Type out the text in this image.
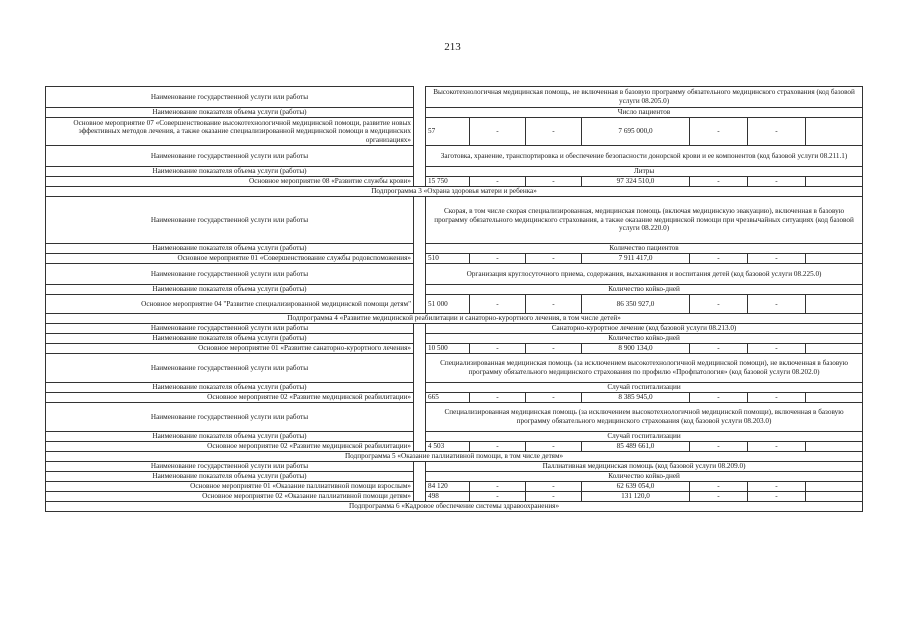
213
Наименование государственной услуги или работы		Высокотехнологичная медицинская помощь, не включенная в базовую программу обязательного медицинского страхования (код базовой услуги 08.205.0)						
Наименование показателя объема услуги (работы)		Число пациентов						
Основное мероприятие 07 «Совершенствование высокотехнологичной медицинской помощи, развитие новых эффективных методов лечения, а также оказание специализированной медицинской помощи в медицинских организациях»		57	-	-	7 695 000,0	-	-	
Наименование государственной услуги или работы		Заготовка, хранение, транспортировка и обеспечение безопасности донорской крови и ее компонентов (код базовой услуги 08.211.1)						
Наименование показателя объема услуги (работы)		Литры						
Основное мероприятие 08 «Развитие службы крови»		15 750	-	-	97 324 510,0	-	-	
Подпрограмма 3 «Охрана здоровья матери и ребенка»								
Наименование государственной услуги или работы		Скорая, в том числе скорая специализированная, медицинская помощь (включая медицинскую эвакуацию), включенная в базовую программу обязательного медицинского страхования, а также оказание медицинской помощи при чрезвычайных ситуациях (код базовой услуги 08.220.0)						
Наименование показателя объема услуги (работы)		Количество пациентов						
Основное мероприятие 01 «Совершенствование службы родовспоможения»		510	-	-	7 911 417,0	-	-	
Наименование государственной услуги или работы		Организация круглосуточного приема, содержания, выхаживания и воспитания детей (код базовой услуги 08.225.0)						
Наименование показателя объема услуги (работы)		Количество койко-дней						
Основное мероприятие 04 "Развитие специализированной медицинской помощи детям"		51 000	-	-	86 350 927,0	-	-	
Подпрограмма 4 «Развитие медицинской реабилитации и санаторно-курортного лечения, в том числе детей»								
Наименование государственной услуги или работы		Санаторно-курортное лечение (код базовой услуги 08.213.0)						
Наименование показателя объема услуги (работы)		Количество койко-дней						
Основное мероприятие 01 «Развитие санаторно-курортного лечения»		10 500	-	-	8 900 134,0	-	-	
Наименование государственной услуги или работы		Специализированная медицинская помощь (за исключением высокотехнологичной медицинской помощи), не включенная в базовую программу обязательного медицинского страхования по профилю «Профпатология» (код базовой услуги 08.202.0)						
Наименование показателя объема услуги (работы)		Случай госпитализации						
Основное мероприятие 02 «Развитие медицинской реабилитации»		665	-	-	8 385 945,0	-	-	
Наименование государственной услуги или работы		Специализированная медицинская помощь (за исключением высокотехнологичной медицинской помощи), включенная в базовую программу обязательного медицинского страхования (код базовой услуги 08.203.0)						
Наименование показателя объема услуги (работы)		Случай госпитализации						
Основное мероприятие 02 «Развитие медицинской реабилитации»		4 503	-	-	85 489 661,0	-	-	
Подпрограмма 5 «Оказание паллиативной помощи, в том числе детям»								
Наименование государственной услуги или работы		Паллиативная медицинская помощь (код базовой услуги 08.209.0)						
Наименование показателя объема услуги (работы)		Количество койко-дней						
Основное мероприятие 01 «Оказание паллиативной помощи взрослым»		84 120	-	-	62 639 054,0	-	-	
Основное мероприятие 02 «Оказание паллиативной помощи детям»		498	-	-	131 120,0	-	-	
Подпрограмма 6 «Кадровое обеспечение системы здравоохранения»								
